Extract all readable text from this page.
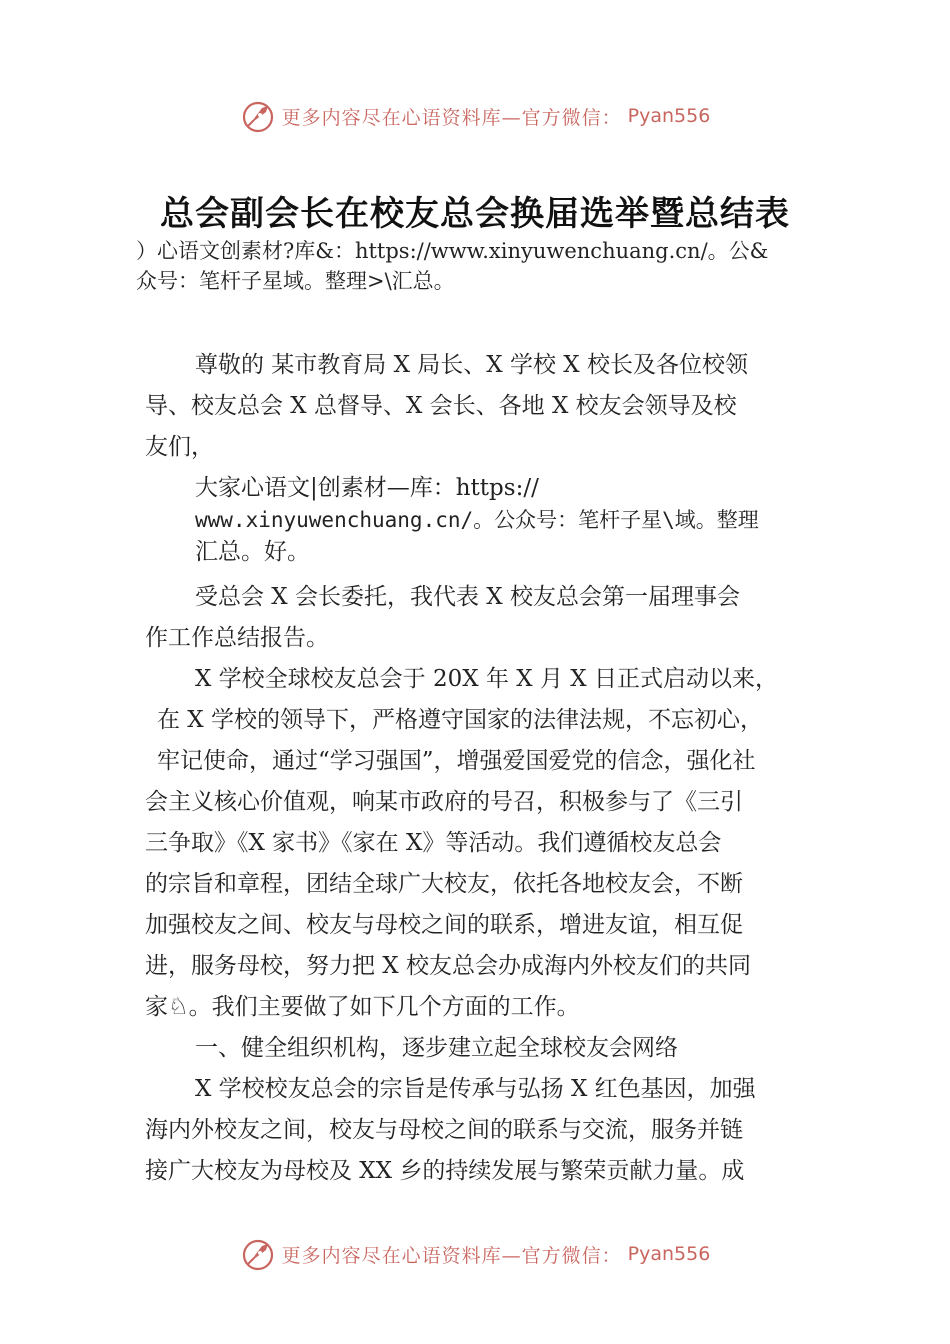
更多内容尽在心语资料库—官方微信： Pyan556
总会副会长在校友总会换届选举暨总结表
）心语文创素材?库&：https://www.xinyuwenchuang.cn/。公&
众号：笔杆子星域。整理>\汇总。

尊敬的 某市教育局 X 局长、X 学校 X 校长及各位校领
导、校友总会 X 总督导、X 会长、各地 X 校友会领导及校
友们，

大家心语文|创素材—库：https://
www.xinyuwenchuang.cn/。公众号：笔杆子星\域。整理
汇总。好。

受总会 X 会长委托，我代表 X 校友总会第一届理事会
作工作总结报告。

X 学校全球校友总会于 20X 年 X 月 X 日正式启动以来，
在 X 学校的领导下，严格遵守国家的法律法规，不忘初心，
牢记使命，通过“学习强国”，增强爱国爱党的信念，强化社
会主义核心价值观，响某市政府的号召，积极参与了《三引
三争取》《X 家书》《家在 X》等活动。我们遵循校友总会
的宗旨和章程，团结全球广大校友，依托各地校友会，不断
加强校友之间、校友与母校之间的联系，增进友谊，相互促
进，服务母校，努力把 X 校友总会办成海内外校友们的共同
家♘。我们主要做了如下几个方面的工作。

一、健全组织机构，逐步建立起全球校友会网络

X 学校校友总会的宗旨是传承与弘扬 X 红色基因，加强
海内外校友之间，校友与母校之间的联系与交流，服务并链
接广大校友为母校及 XX 乡的持续发展与繁荣贡献力量。成

更多内容尽在心语资料库—官方微信： Pyan556
